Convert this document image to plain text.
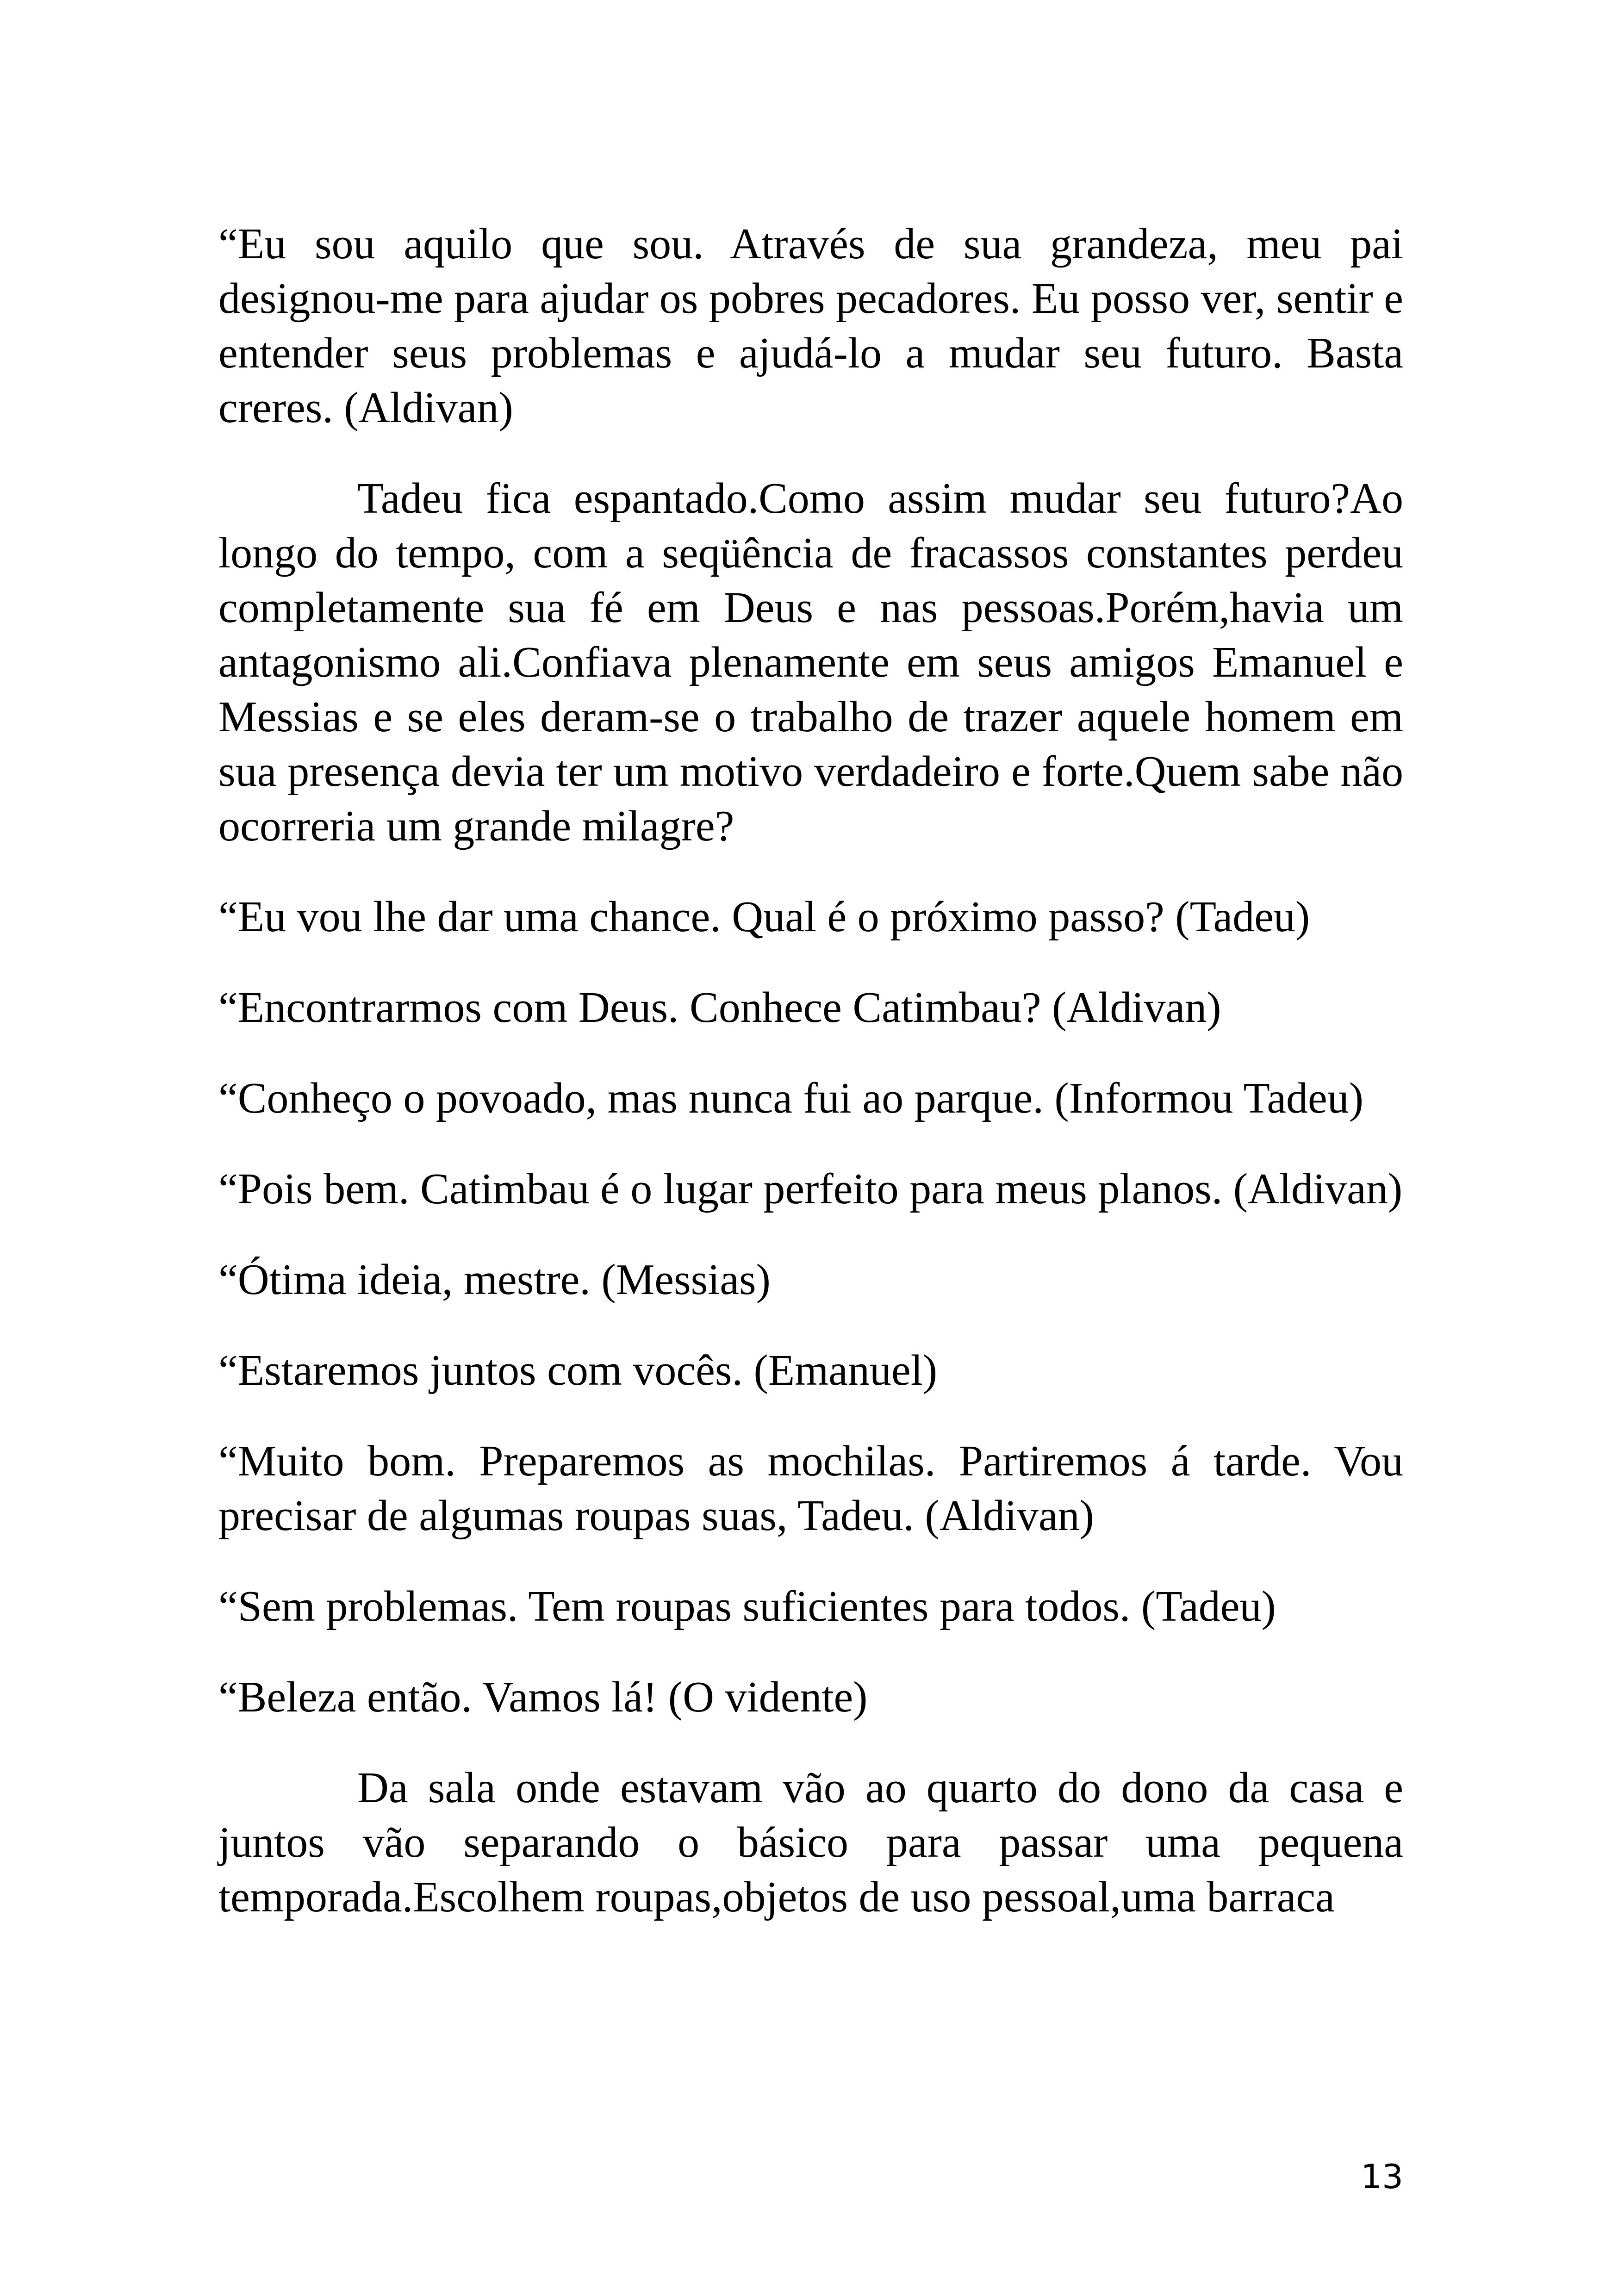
“Eu sou aquilo que sou. Através de sua grandeza, meu pai designou-me para ajudar os pobres pecadores. Eu posso ver, sentir e entender seus problemas e ajudá-lo a mudar seu futuro. Basta creres. (Aldivan)

Tadeu fica espantado.Como assim mudar seu futuro?Ao longo do tempo, com a seqüência de fracassos constantes perdeu completamente sua fé em Deus e nas pessoas.Porém,havia um antagonismo ali.Confiava plenamente em seus amigos Emanuel e Messias e se eles deram-se o trabalho de trazer aquele homem em sua presença devia ter um motivo verdadeiro e forte.Quem sabe não ocorreria um grande milagre?

“Eu vou lhe dar uma chance. Qual é o próximo passo? (Tadeu)

“Encontrarmos com Deus. Conhece Catimbau? (Aldivan)

“Conheço o povoado, mas nunca fui ao parque. (Informou Tadeu)

“Pois bem. Catimbau é o lugar perfeito para meus planos. (Aldivan)

“Ótima ideia, mestre. (Messias)

“Estaremos juntos com vocês. (Emanuel)

“Muito bom. Preparemos as mochilas. Partiremos á tarde. Vou precisar de algumas roupas suas, Tadeu. (Aldivan)

“Sem problemas. Tem roupas suficientes para todos. (Tadeu)

“Beleza então. Vamos lá! (O vidente)

Da sala onde estavam vão ao quarto do dono da casa e juntos vão separando o básico para passar uma pequena temporada.Escolhem roupas,objetos de uso pessoal,uma barraca

13
